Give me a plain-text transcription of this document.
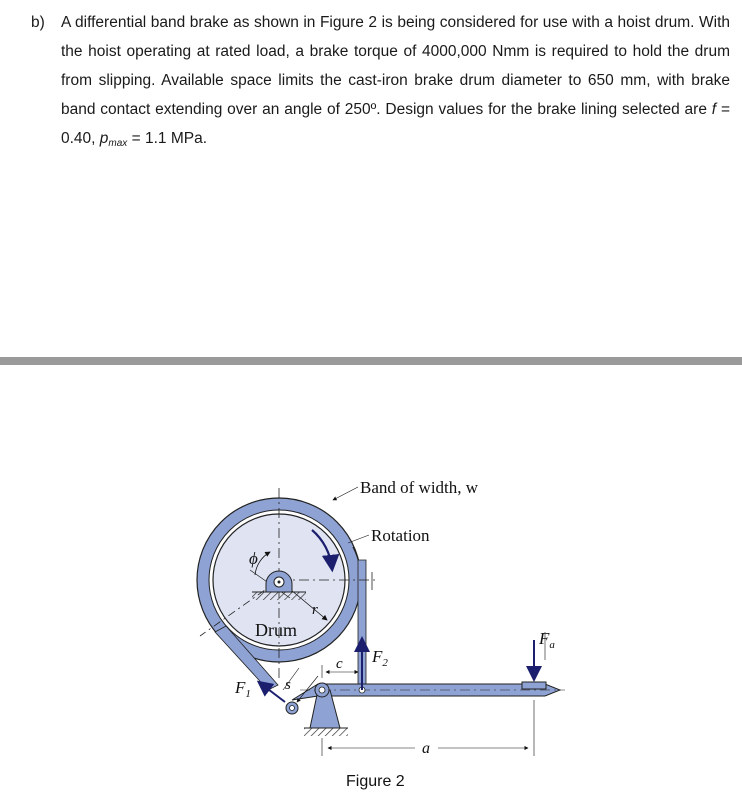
b) A differential band brake as shown in Figure 2 is being considered for use with a hoist drum. With the hoist operating at rated load, a brake torque of 4000,000 Nmm is required to hold the drum from slipping. Available space limits the cast-iron brake drum diameter to 650 mm, with brake band contact extending over an angle of 250º. Design values for the brake lining selected are f = 0.40, $p_{max} = 1.1$ MPa.
Band of width, w
Rotation
Drum
ϕ
r
c
s
a
$F_2$
$F_1$
$F_a$
Figure 2
